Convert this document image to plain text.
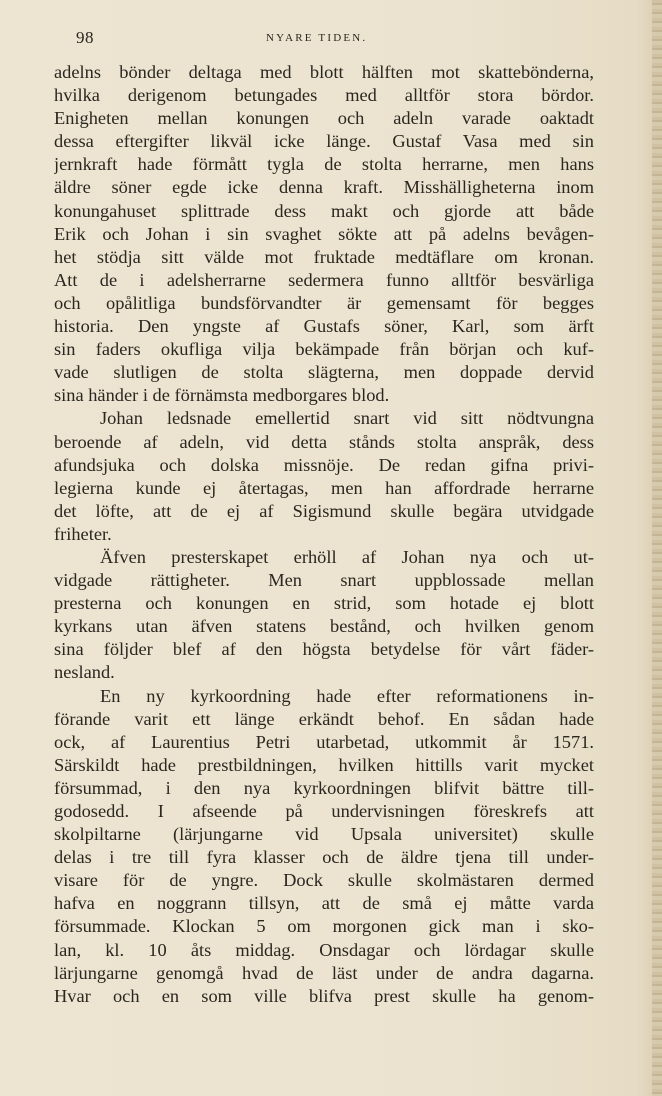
98	NYARE TIDEN.
adelns bönder deltaga med blott hälften mot skattebönderna,
hvilka derigenom betungades med alltför stora bördor.
Enigheten mellan konungen och adeln varade oaktadt
dessa eftergifter likväl icke länge. Gustaf Vasa med sin
jernkraft hade förmått tygla de stolta herrarne, men hans
äldre söner egde icke denna kraft. Misshälligheterna inom
konungahuset splittrade dess makt och gjorde att både
Erik och Johan i sin svaghet sökte att på adelns bevågen-
het stödja sitt välde mot fruktade medtäflare om kronan.
Att de i adelsherrarne sedermera funno alltför besvärliga
och opålitliga bundsförvandter är gemensamt för begges
historia. Den yngste af Gustafs söner, Karl, som ärft
sin faders okufliga vilja bekämpade från början och kuf-
vade slutligen de stolta slägterna, men doppade dervid
sina händer i de förnämsta medborgares blod.
Johan ledsnade emellertid snart vid sitt nödtvungna
beroende af adeln, vid detta stånds stolta anspråk, dess
afundsjuka och dolska missnöje. De redan gifna privi-
legierna kunde ej återtagas, men han affordrade herrarne
det löfte, att de ej af Sigismund skulle begära utvidgade
friheter.
Äfven presterskapet erhöll af Johan nya och ut-
vidgade rättigheter. Men snart uppblossade mellan
presterna och konungen en strid, som hotade ej blott
kyrkans utan äfven statens bestånd, och hvilken genom
sina följder blef af den högsta betydelse för vårt fäder-
nesland.
En ny kyrkoordning hade efter reformationens in-
förande varit ett länge erkändt behof. En sådan hade
ock, af Laurentius Petri utarbetad, utkommit år 1571.
Särskildt hade prestbildningen, hvilken hittills varit mycket
försummad, i den nya kyrkoordningen blifvit bättre till-
godosedd. I afseende på undervisningen föreskrefs att
skolpiltarne (lärjungarne vid Upsala universitet) skulle
delas i tre till fyra klasser och de äldre tjena till under-
visare för de yngre. Dock skulle skolmästaren dermed
hafva en noggrann tillsyn, att de små ej måtte varda
försummade. Klockan 5 om morgonen gick man i sko-
lan, kl. 10 åts middag. Onsdagar och lördagar skulle
lärjungarne genomgå hvad de läst under de andra dagarna.
Hvar och en som ville blifva prest skulle ha genom-
